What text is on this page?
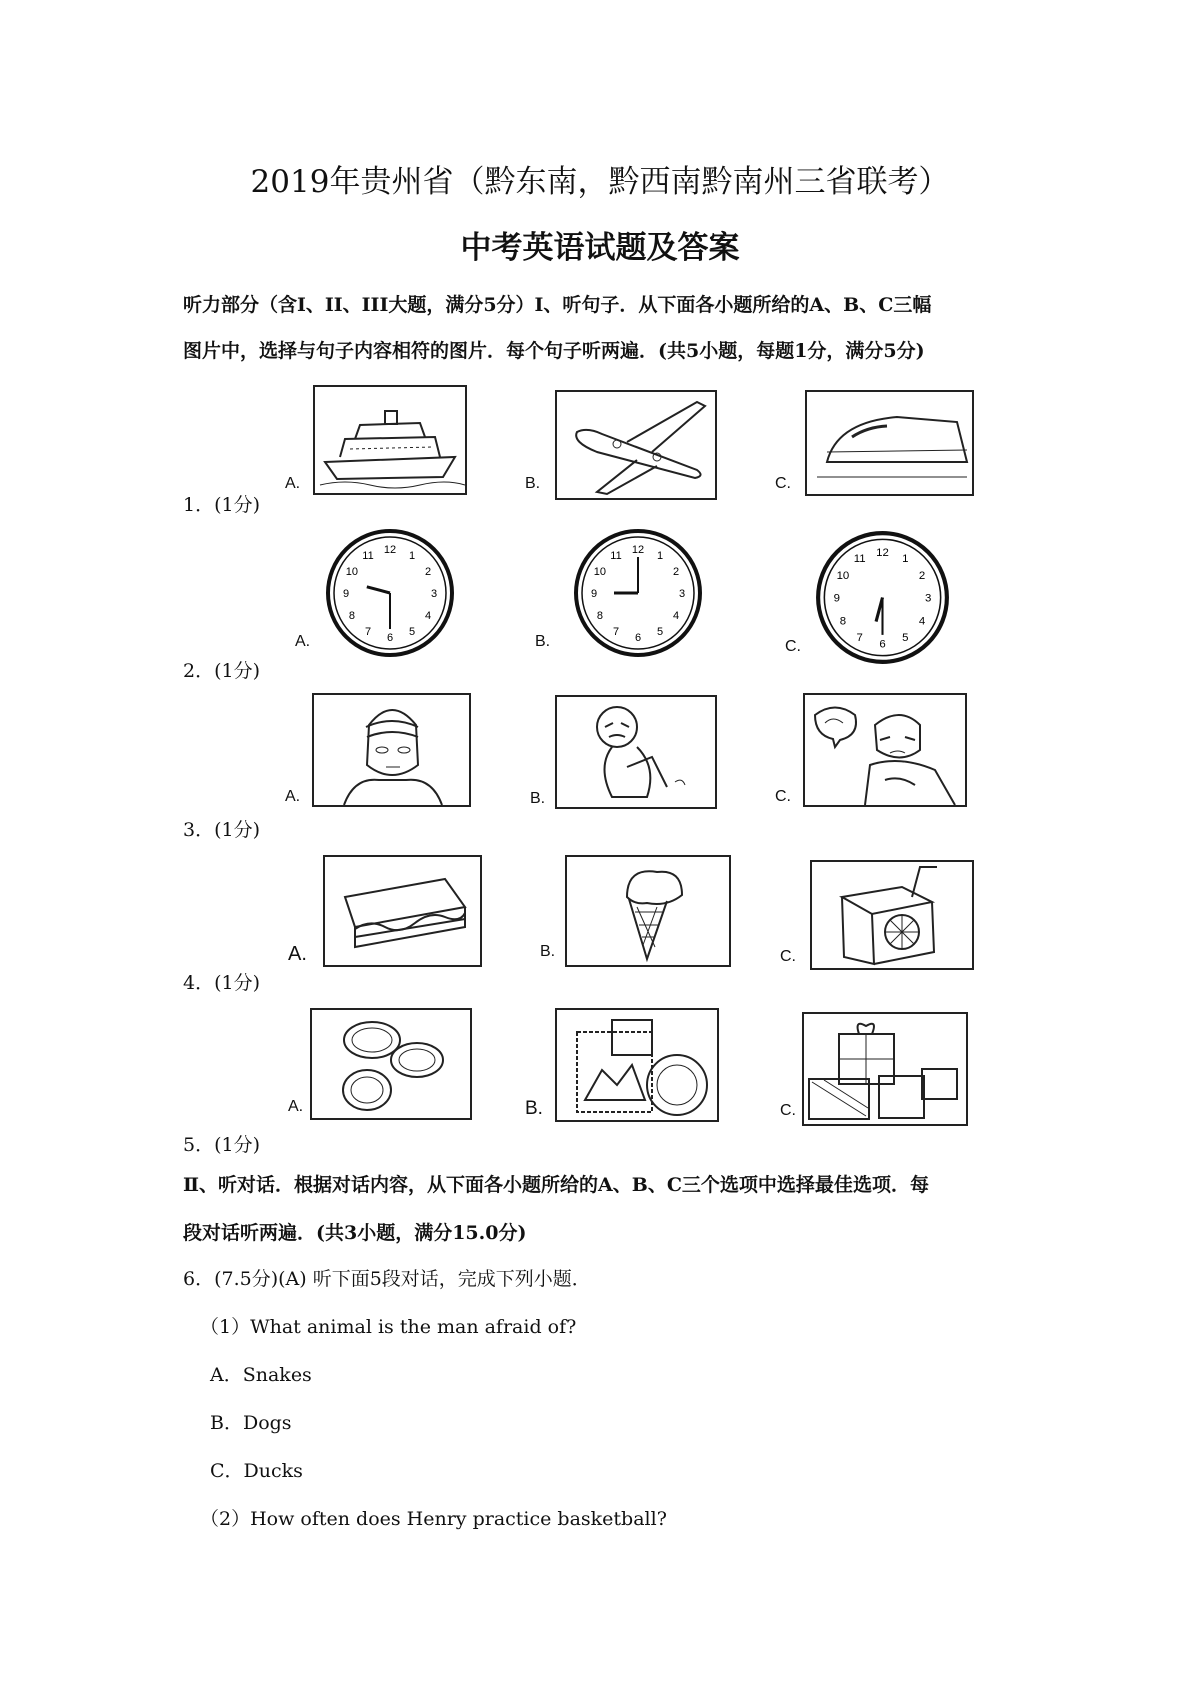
2019年贵州省（黔东南，黔西南黔南州三省联考）
中考英语试题及答案
听力部分（含I、II、III大题，满分5分）I、听句子．从下面各小题所给的A、B、C三幅
图片中，选择与句子内容相符的图片．每个句子听两遍．(共5小题，每题1分，满分5分)
1．(1分)
A.	B.	C.
2．(1分)
A.
12 1
2
3
4
5
6
7
8
9
10
11
B.
12 1
2
3
4
5
6
7
8
9
10
11
C.
12
1
2
3
4
5
6
7
8
9
10
11
3．(1分)
A.	B.	C.
4．(1分)
A.	B.	C.
5．(1分)
A.	B.	C.
Ⅱ、听对话．根据对话内容，从下面各小题所给的A、B、C三个选项中选择最佳选项．每
段对话听两遍．(共3小题，满分15.0分)
6．(7.5分)(A) 听下面5段对话，完成下列小题．
（1）What animal is the man afraid of?
A．Snakes
B．Dogs
C．Ducks
（2）How often does Henry practice basketball?
